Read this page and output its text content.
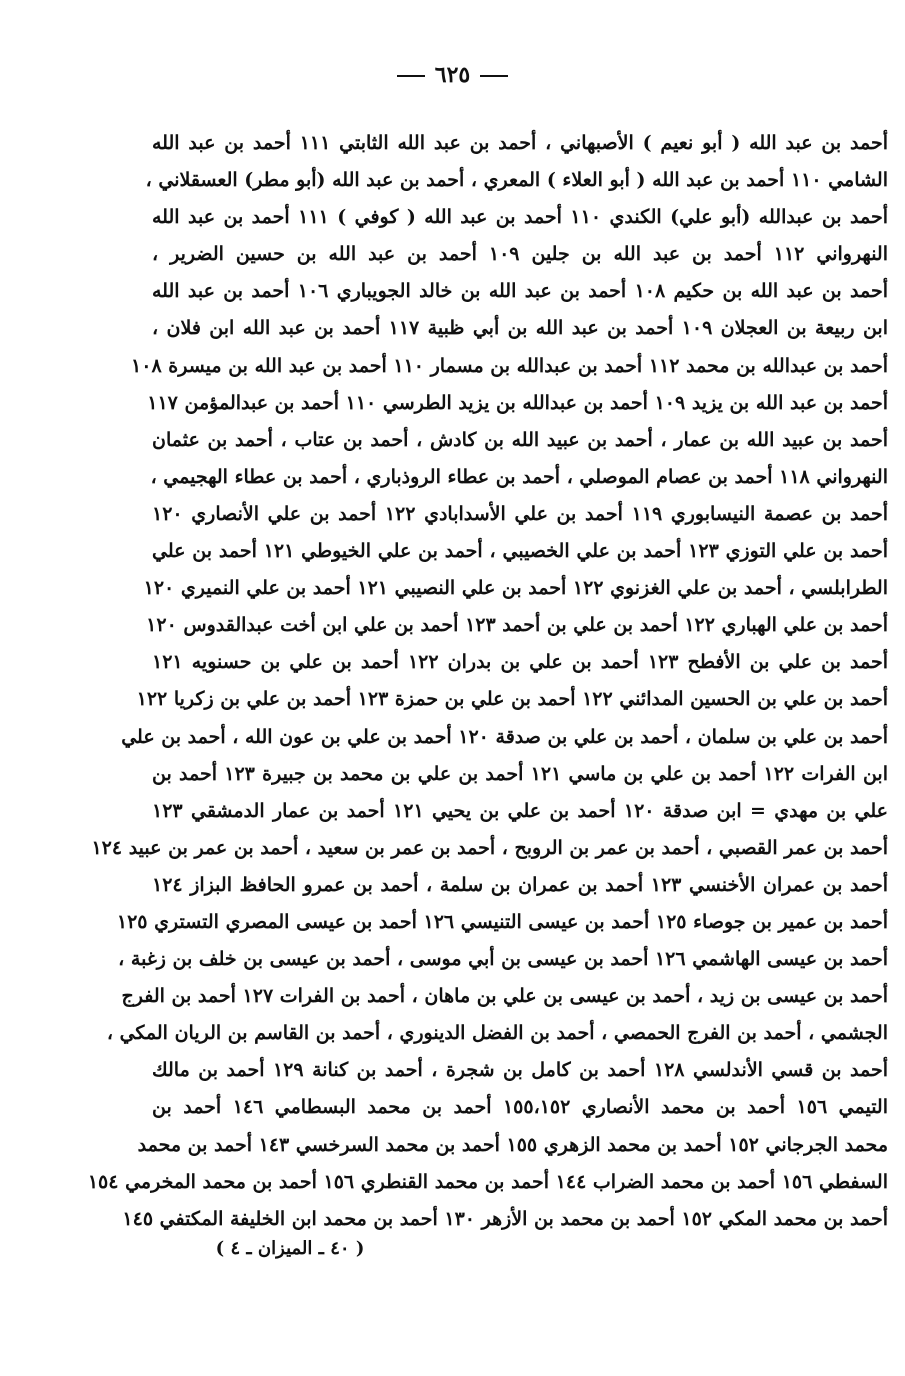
٦٢٥
أحمد بن عبد الله ( أبو نعيم ) الأصبهاني ، أحمد بن عبد الله الثابتي ١١١ أحمد بن عبد الله
الشامي ١١٠ أحمد بن عبد الله ( أبو العلاء ) المعري ، أحمد بن عبد الله (أبو مطر) العسقلاني ،
أحمد بن عبدالله (أبو علي) الكندي ١١٠ أحمد بن عبد الله ( كوفي ) ١١١ أحمد بن عبد الله
النهرواني ١١٢ أحمد بن عبد الله بن جلين ١٠٩ أحمد بن عبد الله بن حسين الضرير ،
أحمد بن عبد الله بن حكيم ١٠٨ أحمد بن عبد الله بن خالد الجويباري ١٠٦ أحمد بن عبد الله
ابن ربيعة بن العجلان ١٠٩ أحمد بن عبد الله بن أبي ظبية ١١٧ أحمد بن عبد الله ابن فلان ،
أحمد بن عبدالله بن محمد ١١٢ أحمد بن عبدالله بن مسمار ١١٠ أحمد بن عبد الله بن ميسرة ١٠٨
أحمد بن عبد الله بن يزيد ١٠٩ أحمد بن عبدالله بن يزيد الطرسي ١١٠ أحمد بن عبدالمؤمن ١١٧
أحمد بن عبيد الله بن عمار ، أحمد بن عبيد الله بن كادش ، أحمد بن عتاب ، أحمد بن عثمان
النهرواني ١١٨ أحمد بن عصام الموصلي ، أحمد بن عطاء الروذباري ، أحمد بن عطاء الهجيمي ،
أحمد بن عصمة النيسابوري ١١٩ أحمد بن علي الأسدابادي ١٢٢ أحمد بن علي الأنصاري ١٢٠
أحمد بن علي التوزي ١٢٣ أحمد بن علي الخصيبي ، أحمد بن علي الخيوطي ١٢١ أحمد بن علي
الطرابلسي ، أحمد بن علي الغزنوي ١٢٢ أحمد بن علي النصيبي ١٢١ أحمد بن علي النميري ١٢٠
أحمد بن علي الهباري ١٢٢ أحمد بن علي بن أحمد ١٢٣ أحمد بن علي ابن أخت عبدالقدوس ١٢٠
أحمد بن علي بن الأفطح ١٢٣ أحمد بن علي بن بدران ١٢٢ أحمد بن علي بن حسنويه ١٢١
أحمد بن علي بن الحسين المدائني ١٢٢ أحمد بن علي بن حمزة ١٢٣ أحمد بن علي بن زكريا ١٢٢
أحمد بن علي بن سلمان ، أحمد بن علي بن صدقة ١٢٠ أحمد بن علي بن عون الله ، أحمد بن علي
ابن الفرات ١٢٢ أحمد بن علي بن ماسي ١٢١ أحمد بن علي بن محمد بن جبيرة ١٢٣ أحمد بن
علي بن مهدي = ابن صدقة ١٢٠ أحمد بن علي بن يحيي ١٢١ أحمد بن عمار الدمشقي ١٢٣
أحمد بن عمر القصبي ، أحمد بن عمر بن الروبح ، أحمد بن عمر بن سعيد ، أحمد بن عمر بن عبيد ١٢٤
أحمد بن عمران الأخنسي ١٢٣ أحمد بن عمران بن سلمة ، أحمد بن عمرو الحافظ البزاز ١٢٤
أحمد بن عمير بن جوصاء ١٢٥ أحمد بن عيسى التنيسي ١٢٦ أحمد بن عيسى المصري التستري ١٢٥
أحمد بن عيسى الهاشمي ١٢٦ أحمد بن عيسى بن أبي موسى ، أحمد بن عيسى بن خلف بن زغبة ،
أحمد بن عيسى بن زيد ، أحمد بن عيسى بن علي بن ماهان ، أحمد بن الفرات ١٢٧ أحمد بن الفرج
الجشمي ، أحمد بن الفرج الحمصي ، أحمد بن الفضل الدينوري ، أحمد بن القاسم بن الريان المكي ،
أحمد بن قسي الأندلسي ١٢٨ أحمد بن كامل بن شجرة ، أحمد بن كنانة ١٢٩ أحمد بن مالك
التيمي ١٥٦ أحمد بن محمد الأنصاري ١٥٥،١٥٢ أحمد بن محمد البسطامي ١٤٦ أحمد بن
محمد الجرجاني ١٥٢ أحمد بن محمد الزهري ١٥٥ أحمد بن محمد السرخسي ١٤٣ أحمد بن محمد
السفطي ١٥٦ أحمد بن محمد الضراب ١٤٤ أحمد بن محمد القنطري ١٥٦ أحمد بن محمد المخرمي ١٥٤
أحمد بن محمد المكي ١٥٢ أحمد بن محمد بن الأزهر ١٣٠ أحمد بن محمد ابن الخليفة المكتفي ١٤٥
( ٤٠ ـ الميزان ـ ٤ )
